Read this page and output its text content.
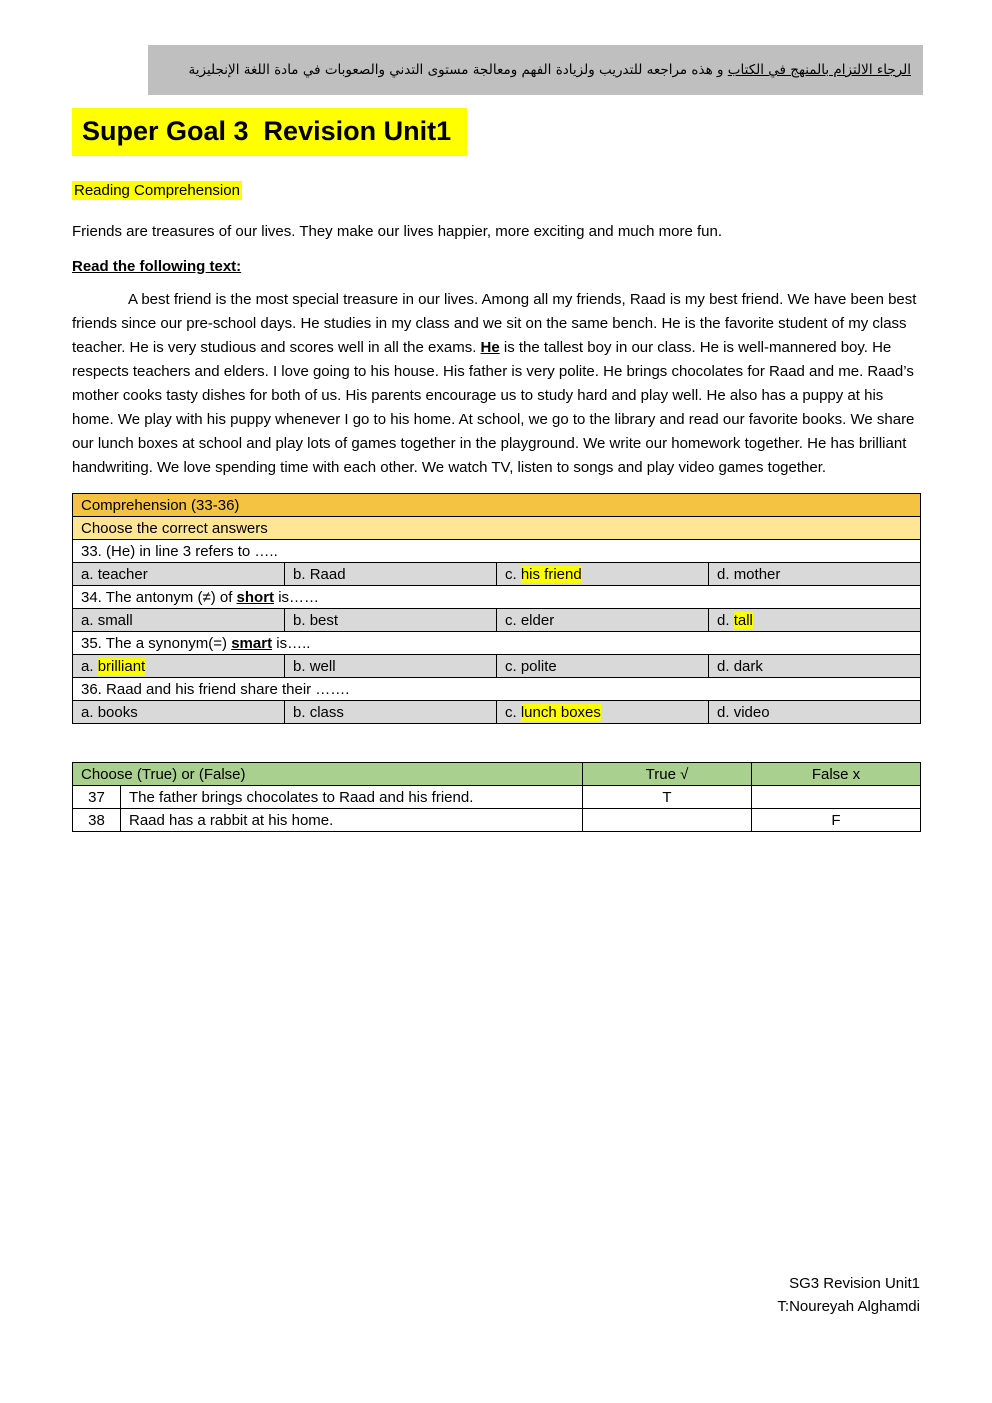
الرجاء الالتزام بالمنهج في الكتاب و هذه مراجعه للتدريب ولزيادة الفهم ومعالجة مستوى التدني والصعوبات في مادة اللغة الإنجليزية
Super Goal 3  Revision Unit1
Reading Comprehension

Friends are treasures of our lives. They make our lives happier, more exciting and much more fun.

Read the following text:

A best friend is the most special treasure in our lives. Among all my friends, Raad is my best friend. We have been best friends since our pre-school days. He studies in my class and we sit on the same bench. He is the favorite student of my class teacher. He is very studious and scores well in all the exams. He is the tallest boy in our class. He is well-mannered boy. He respects teachers and elders. I love going to his house. His father is very polite. He brings chocolates for Raad and me. Raad’s mother cooks tasty dishes for both of us. His parents encourage us to study hard and play well. He also has a puppy at his home. We play with his puppy whenever I go to his home. At school, we go to the library and read our favorite books. We share our lunch boxes at school and play lots of games together in the playground. We write our homework together. He has brilliant handwriting. We love spending time with each other. We watch TV, listen to songs and play video games together.

Comprehension (33-36)			
Choose the correct answers			
33. (He) in line 3 refers to …..			
a. teacher	b. Raad	c. his friend	d. mother
34. The antonym (≠) of short is……			
a. small	b. best	c. elder	d. tall
35. The a synonym(=) smart is…..			
a. brilliant	b. well	c. polite	d. dark
36. Raad and his friend share their …….			
a. books	b. class	c. lunch boxes	d. video
Choose (True) or (False)		True √	False x
37	The father brings chocolates to Raad and his friend.	T	
38	Raad has a rabbit at his home.		F
SG3 Revision Unit1
T:Noureyah Alghamdi
